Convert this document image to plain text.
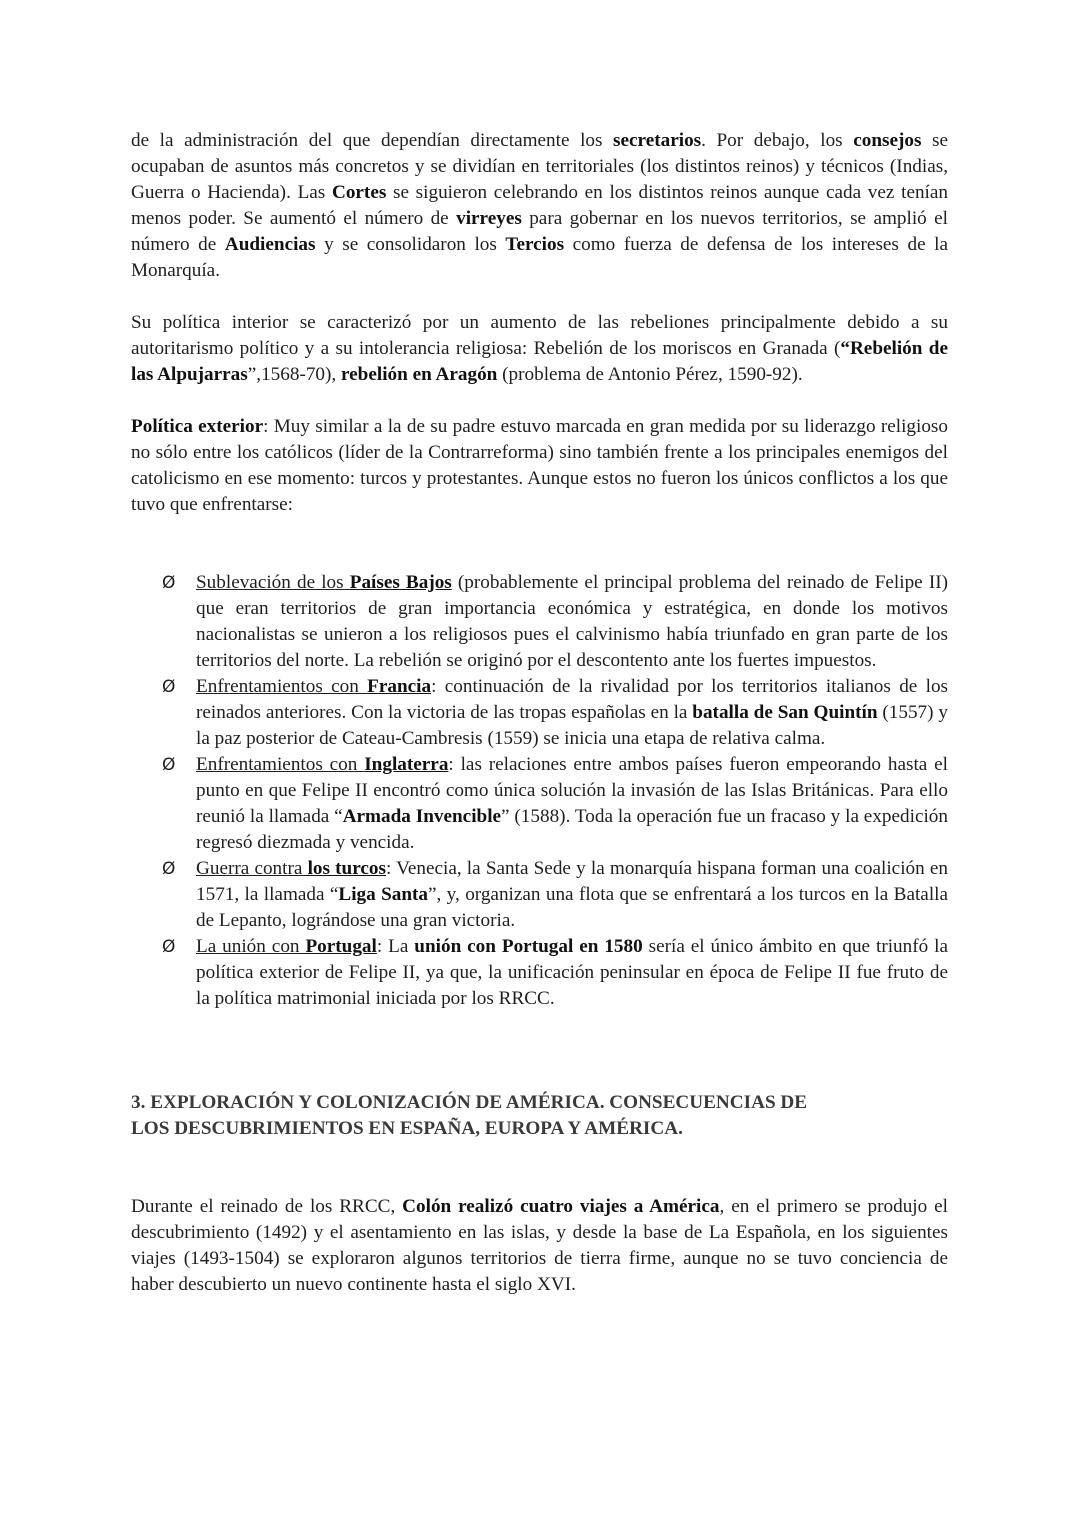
de la administración del que dependían directamente los secretarios. Por debajo, los consejos se ocupaban de asuntos más concretos y se dividían en territoriales (los distintos reinos) y técnicos (Indias, Guerra o Hacienda). Las Cortes se siguieron celebrando en los distintos reinos aunque cada vez tenían menos poder. Se aumentó el número de virreyes para gobernar en los nuevos territorios, se amplió el número de Audiencias y se consolidaron los Tercios como fuerza de defensa de los intereses de la Monarquía.

Su política interior se caracterizó por un aumento de las rebeliones principalmente debido a su autoritarismo político y a su intolerancia religiosa: Rebelión de los moriscos en Granada (“Rebelión de las Alpujarras”,1568-70), rebelión en Aragón (problema de Antonio Pérez, 1590-92).

Política exterior: Muy similar a la de su padre estuvo marcada en gran medida por su liderazgo religioso no sólo entre los católicos (líder de la Contrarreforma) sino también frente a los principales enemigos del catolicismo en ese momento: turcos y protestantes. Aunque estos no fueron los únicos conflictos a los que tuvo que enfrentarse:

Ø Sublevación de los Países Bajos (probablemente el principal problema del reinado de Felipe II) que eran territorios de gran importancia económica y estratégica, en donde los motivos nacionalistas se unieron a los religiosos pues el calvinismo había triunfado en gran parte de los territorios del norte. La rebelión se originó por el descontento ante los fuertes impuestos.
Ø Enfrentamientos con Francia: continuación de la rivalidad por los territorios italianos de los reinados anteriores. Con la victoria de las tropas españolas en la batalla de San Quintín (1557) y la paz posterior de Cateau-Cambresis (1559) se inicia una etapa de relativa calma.
Ø Enfrentamientos con Inglaterra: las relaciones entre ambos países fueron empeorando hasta el punto en que Felipe II encontró como única solución la invasión de las Islas Británicas. Para ello reunió la llamada “Armada Invencible” (1588). Toda la operación fue un fracaso y la expedición regresó diezmada y vencida.
Ø Guerra contra los turcos: Venecia, la Santa Sede y la monarquía hispana forman una coalición en 1571, la llamada “Liga Santa”, y, organizan una flota que se enfrentará a los turcos en la Batalla de Lepanto, lográndose una gran victoria.
Ø La unión con Portugal: La unión con Portugal en 1580 sería el único ámbito en que triunfó la política exterior de Felipe II, ya que, la unificación peninsular en época de Felipe II fue fruto de la política matrimonial iniciada por los RRCC.
3. EXPLORACIÓN Y COLONIZACIÓN DE AMÉRICA. CONSECUENCIAS DE
LOS DESCUBRIMIENTOS EN ESPAÑA, EUROPA Y AMÉRICA.

Durante el reinado de los RRCC, Colón realizó cuatro viajes a América, en el primero se produjo el descubrimiento (1492) y el asentamiento en las islas, y desde la base de La Española, en los siguientes viajes (1493-1504) se exploraron algunos territorios de tierra firme, aunque no se tuvo conciencia de haber descubierto un nuevo continente hasta el siglo XVI.
